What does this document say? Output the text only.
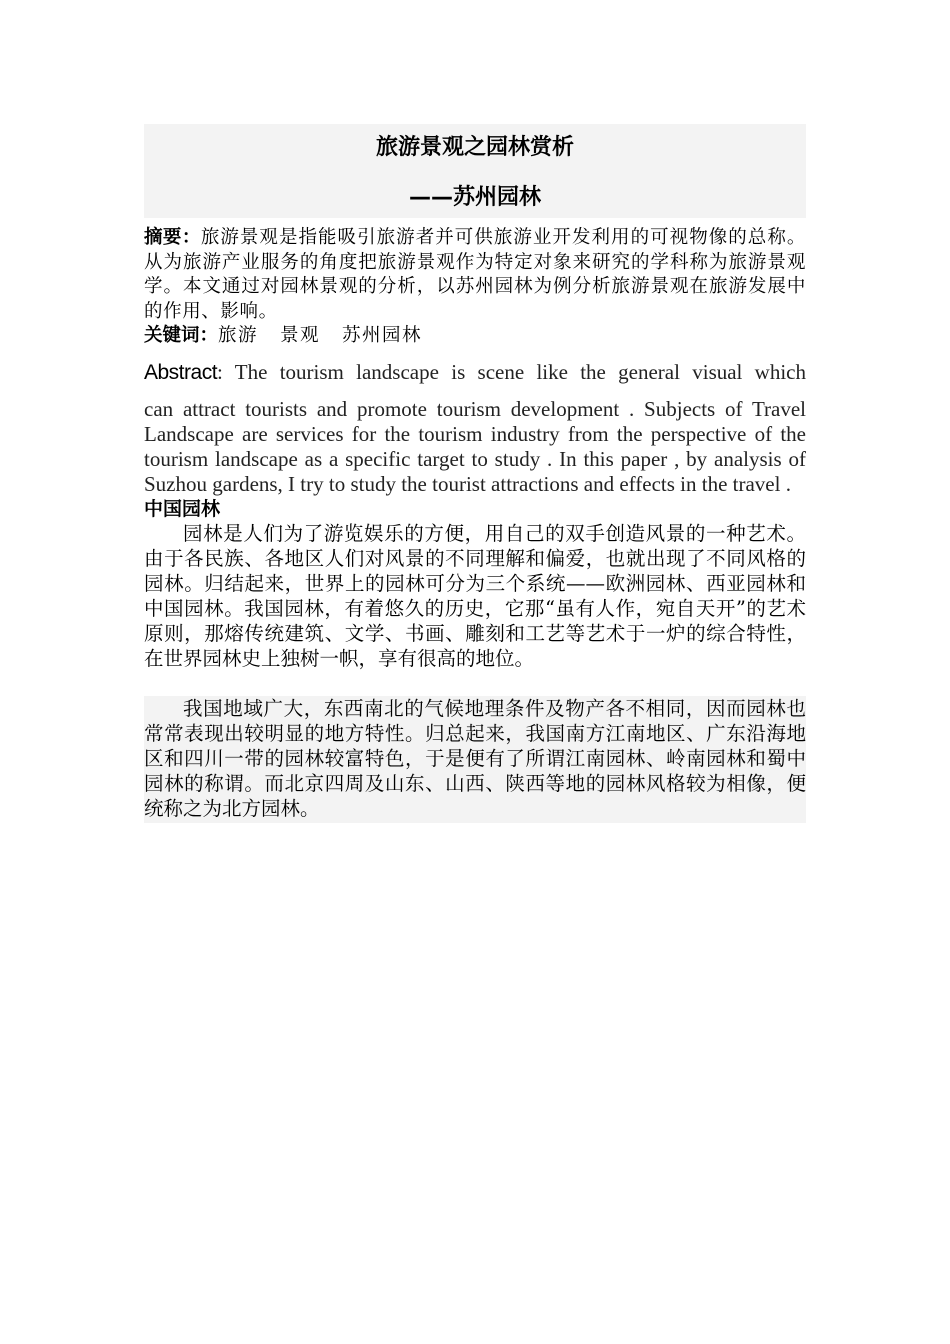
旅游景观之园林赏析
——苏州园林
摘要：旅游景观是指能吸引旅游者并可供旅游业开发利用的可视物像的总称。从为旅游产业服务的角度把旅游景观作为特定对象来研究的学科称为旅游景观学。本文通过对园林景观的分析，以苏州园林为例分析旅游景观在旅游发展中的作用、影响。
关键词：旅游 景观 苏州园林
Abstract: The tourism landscape is scene like the general visual which
can attract tourists and promote tourism development . Subjects of Travel Landscape are services for the tourism industry from the perspective of the tourism landscape as a specific target to study . In this paper , by analysis of Suzhou gardens, I try to study the tourist attractions and effects in the travel .
中国园林

园林是人们为了游览娱乐的方便，用自己的双手创造风景的一种艺术。由于各民族、各地区人们对风景的不同理解和偏爱，也就出现了不同风格的园林。归结起来，世界上的园林可分为三个系统——欧洲园林、西亚园林和中国园林。我国园林，有着悠久的历史，它那“虽有人作，宛自天开”的艺术原则，那熔传统建筑、文学、书画、雕刻和工艺等艺术于一炉的综合特性，在世界园林史上独树一帜，享有很高的地位。

我国地域广大，东西南北的气候地理条件及物产各不相同，因而园林也常常表现出较明显的地方特性。归总起来，我国南方江南地区、广东沿海地区和四川一带的园林较富特色，于是便有了所谓江南园林、岭南园林和蜀中园林的称谓。而北京四周及山东、山西、陕西等地的园林风格较为相像，便统称之为北方园林。
